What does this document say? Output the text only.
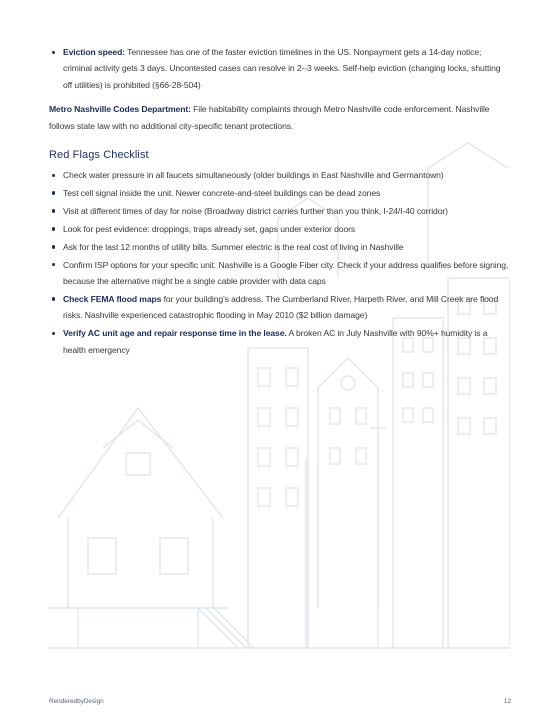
Eviction speed: Tennessee has one of the faster eviction timelines in the US. Nonpayment gets a 14-day notice; criminal activity gets 3 days. Uncontested cases can resolve in 2--3 weeks. Self-help eviction (changing locks, shutting off utilities) is prohibited (§66-28-504)

Metro Nashville Codes Department: File habitability complaints through Metro Nashville code enforcement. Nashville follows state law with no additional city-specific tenant protections.

Red Flags Checklist
Check water pressure in all faucets simultaneously (older buildings in East Nashville and Germantown)
Test cell signal inside the unit. Newer concrete-and-steel buildings can be dead zones
Visit at different times of day for noise (Broadway district carries further than you think, I-24/I-40 corridor)
Look for pest evidence: droppings, traps already set, gaps under exterior doors
Ask for the last 12 months of utility bills. Summer electric is the real cost of living in Nashville
Confirm ISP options for your specific unit. Nashville is a Google Fiber city. Check if your address qualifies before signing, because the alternative might be a single cable provider with data caps
Check FEMA flood maps for your building's address. The Cumberland River, Harpeth River, and Mill Creek are flood risks. Nashville experienced catastrophic flooding in May 2010 ($2 billion damage)
Verify AC unit age and repair response time in the lease. A broken AC in July Nashville with 90%+ humidity is a health emergency
RenderedbyDesign	12
